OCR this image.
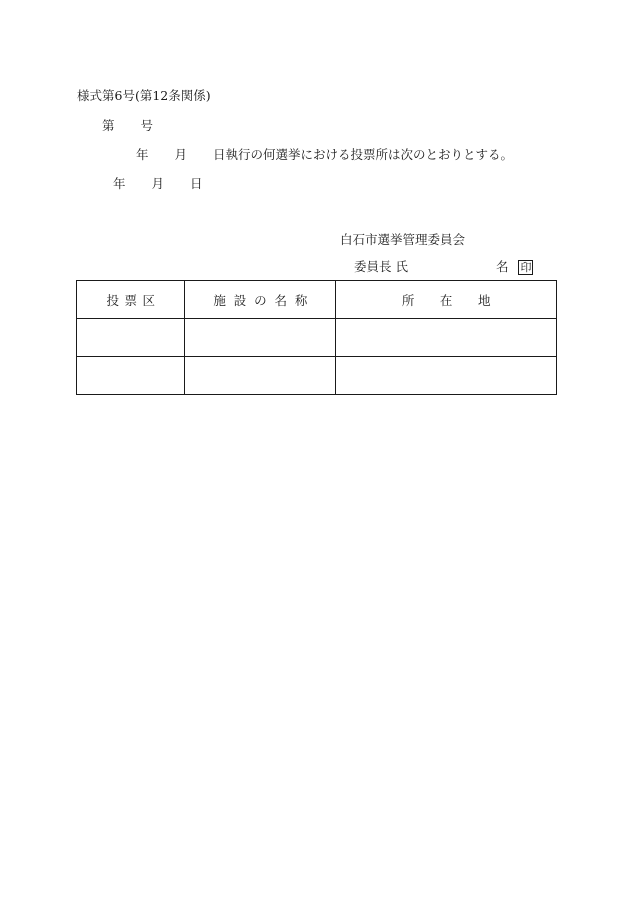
様式第6号(第12条関係)
第 号
年 月 日執行の何選挙における投票所は次のとおりとする。
年 月 日
白石市選挙管理委員会
委員長 氏	名 印
投 票 区	施 設 の 名 称	所 在 地
